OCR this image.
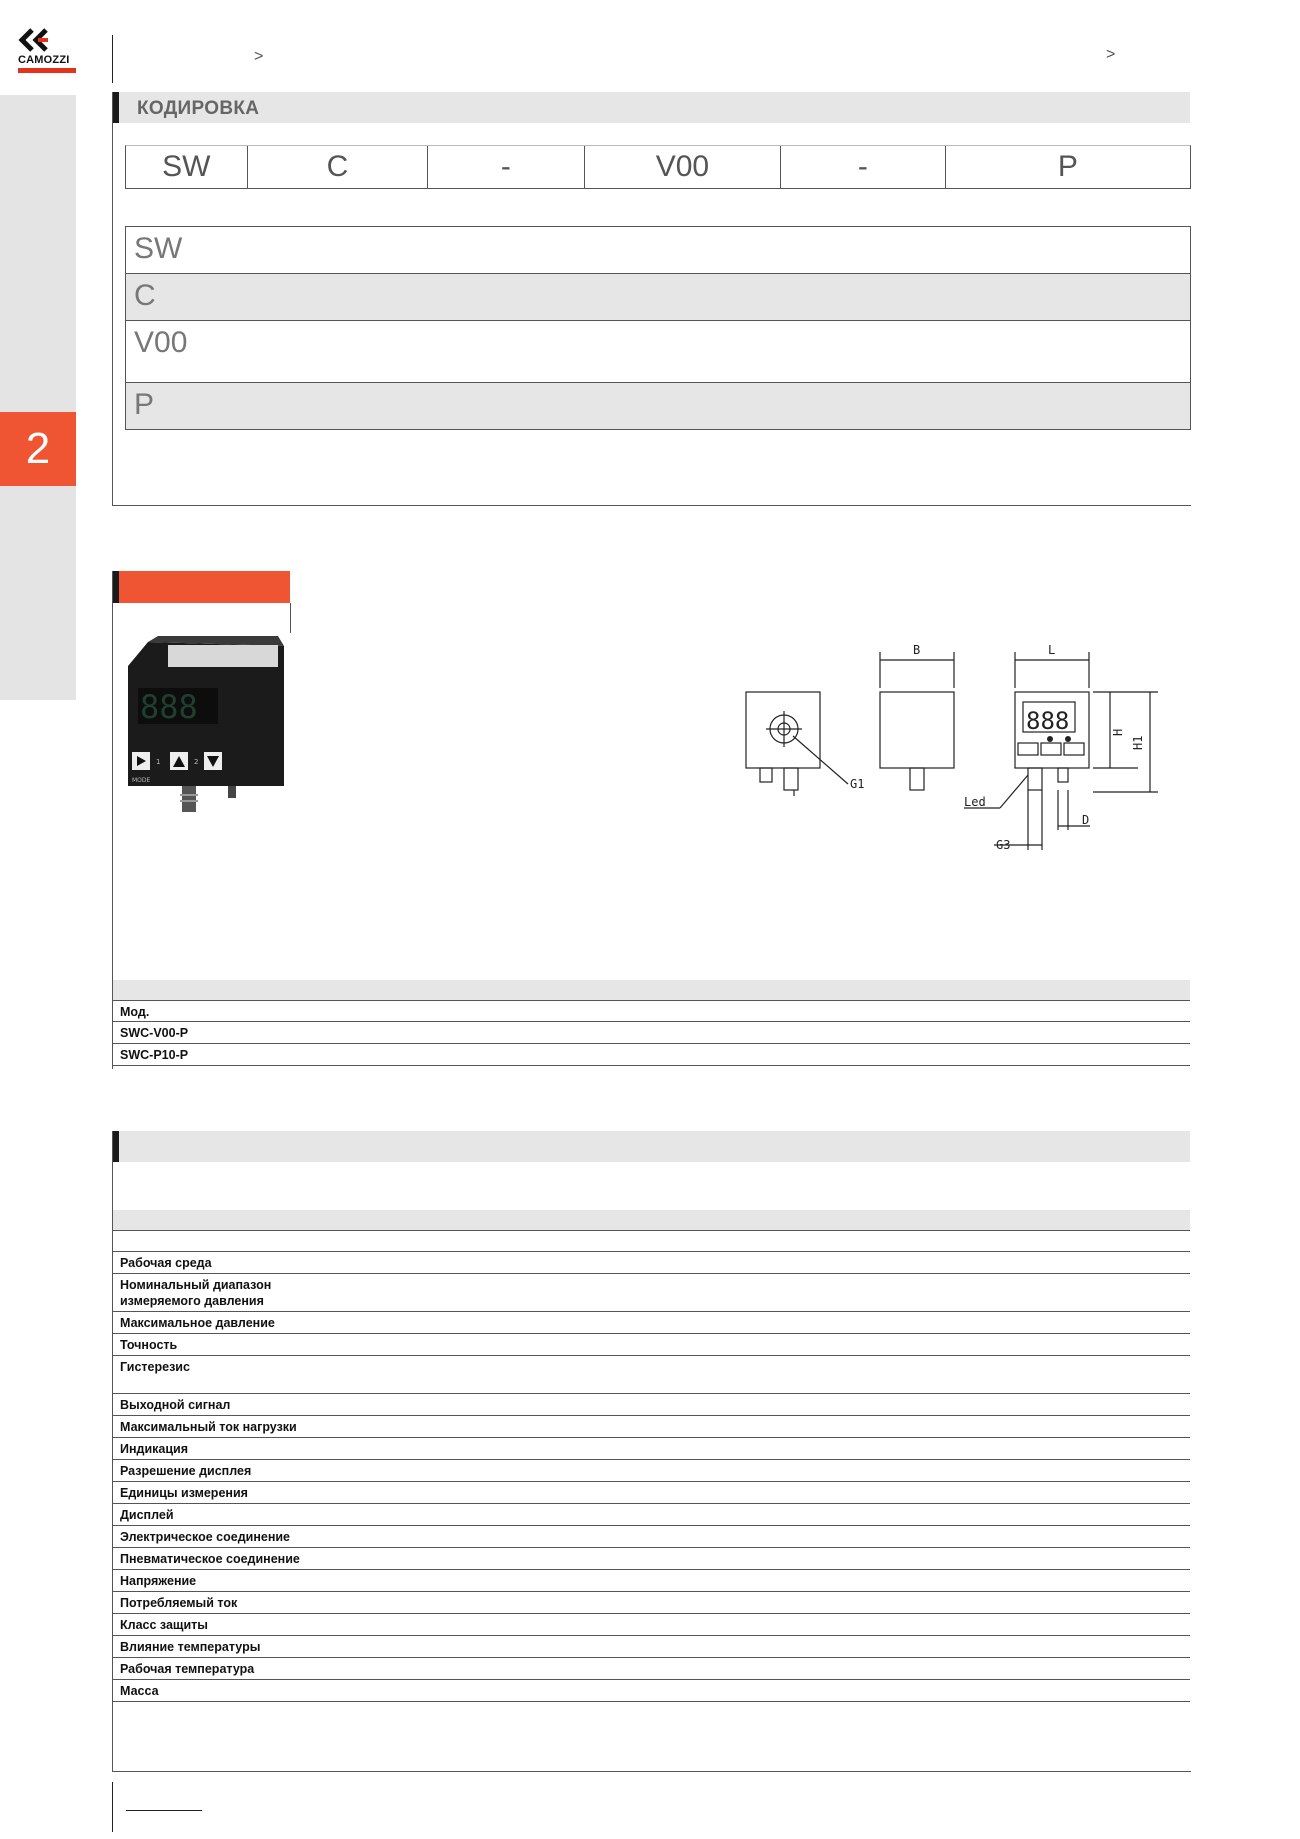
2
CAMOZZI	>	>
КОДИРОВКА
SW	C	-	V00	-	P
SW
C
V00
P
888
MODE
1	2
888
B	L
H
H1
G1
Led
D
G3
Мод.
SWC-V00-P
SWC-P10-P
Рабочая среда
Номинальный диапазон измеряемого давления
Максимальное давление
Точность
Гистерезис
Выходной сигнал
Максимальный ток нагрузки
Индикация
Разрешение дисплея
Единицы измерения
Дисплей
Электрическое соединение
Пневматическое соединение
Напряжение
Потребляемый ток
Класс защиты
Влияние температуры
Рабочая температура
Масса
